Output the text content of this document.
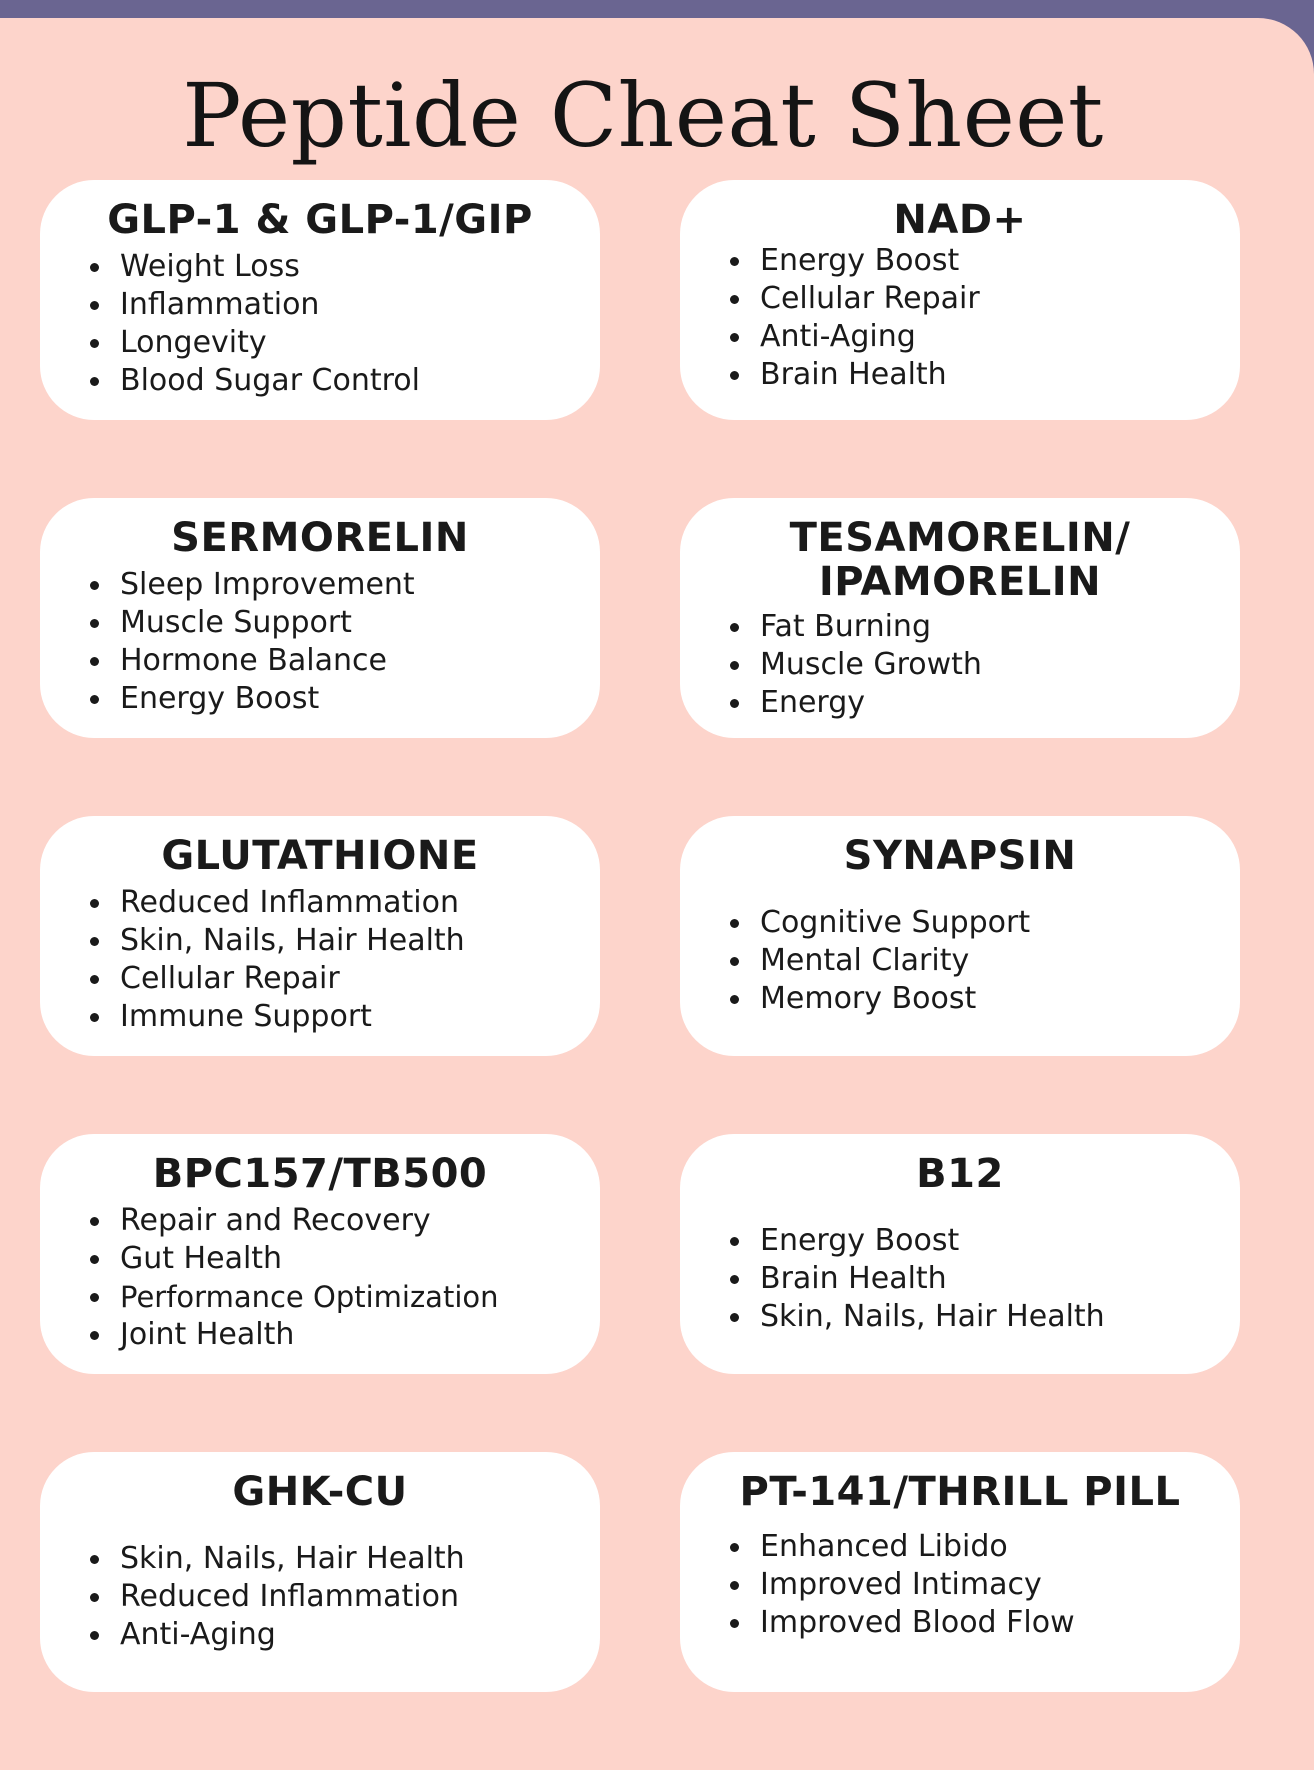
Peptide Cheat Sheet
GLP-1 & GLP-1/GIP
Weight Loss
Inflammation
Longevity
Blood Sugar Control
NAD+
Energy Boost
Cellular Repair
Anti-Aging
Brain Health
SERMORELIN
Sleep Improvement
Muscle Support
Hormone Balance
Energy Boost
TESAMORELIN/
IPAMORELIN
Fat Burning
Muscle Growth
Energy
GLUTATHIONE
Reduced Inflammation
Skin, Nails, Hair Health
Cellular Repair
Immune Support
SYNAPSIN
Cognitive Support
Mental Clarity
Memory Boost
BPC157/TB500
Repair and Recovery
Gut Health
Performance Optimization
Joint Health
B12
Energy Boost
Brain Health
Skin, Nails, Hair Health
GHK-CU
Skin, Nails, Hair Health
Reduced Inflammation
Anti-Aging
PT-141/THRILL PILL
Enhanced Libido
Improved Intimacy
Improved Blood Flow
